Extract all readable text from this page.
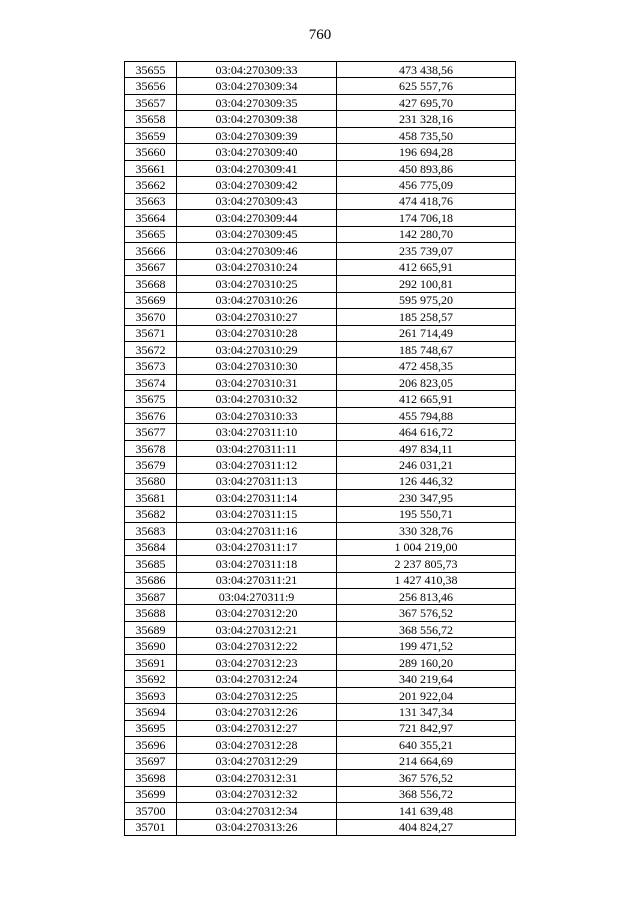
760
35655	03:04:270309:33	473 438,56
35656	03:04:270309:34	625 557,76
35657	03:04:270309:35	427 695,70
35658	03:04:270309:38	231 328,16
35659	03:04:270309:39	458 735,50
35660	03:04:270309:40	196 694,28
35661	03:04:270309:41	450 893,86
35662	03:04:270309:42	456 775,09
35663	03:04:270309:43	474 418,76
35664	03:04:270309:44	174 706,18
35665	03:04:270309:45	142 280,70
35666	03:04:270309:46	235 739,07
35667	03:04:270310:24	412 665,91
35668	03:04:270310:25	292 100,81
35669	03:04:270310:26	595 975,20
35670	03:04:270310:27	185 258,57
35671	03:04:270310:28	261 714,49
35672	03:04:270310:29	185 748,67
35673	03:04:270310:30	472 458,35
35674	03:04:270310:31	206 823,05
35675	03:04:270310:32	412 665,91
35676	03:04:270310:33	455 794,88
35677	03:04:270311:10	464 616,72
35678	03:04:270311:11	497 834,11
35679	03:04:270311:12	246 031,21
35680	03:04:270311:13	126 446,32
35681	03:04:270311:14	230 347,95
35682	03:04:270311:15	195 550,71
35683	03:04:270311:16	330 328,76
35684	03:04:270311:17	1 004 219,00
35685	03:04:270311:18	2 237 805,73
35686	03:04:270311:21	1 427 410,38
35687	03:04:270311:9	256 813,46
35688	03:04:270312:20	367 576,52
35689	03:04:270312:21	368 556,72
35690	03:04:270312:22	199 471,52
35691	03:04:270312:23	289 160,20
35692	03:04:270312:24	340 219,64
35693	03:04:270312:25	201 922,04
35694	03:04:270312:26	131 347,34
35695	03:04:270312:27	721 842,97
35696	03:04:270312:28	640 355,21
35697	03:04:270312:29	214 664,69
35698	03:04:270312:31	367 576,52
35699	03:04:270312:32	368 556,72
35700	03:04:270312:34	141 639,48
35701	03:04:270313:26	404 824,27
